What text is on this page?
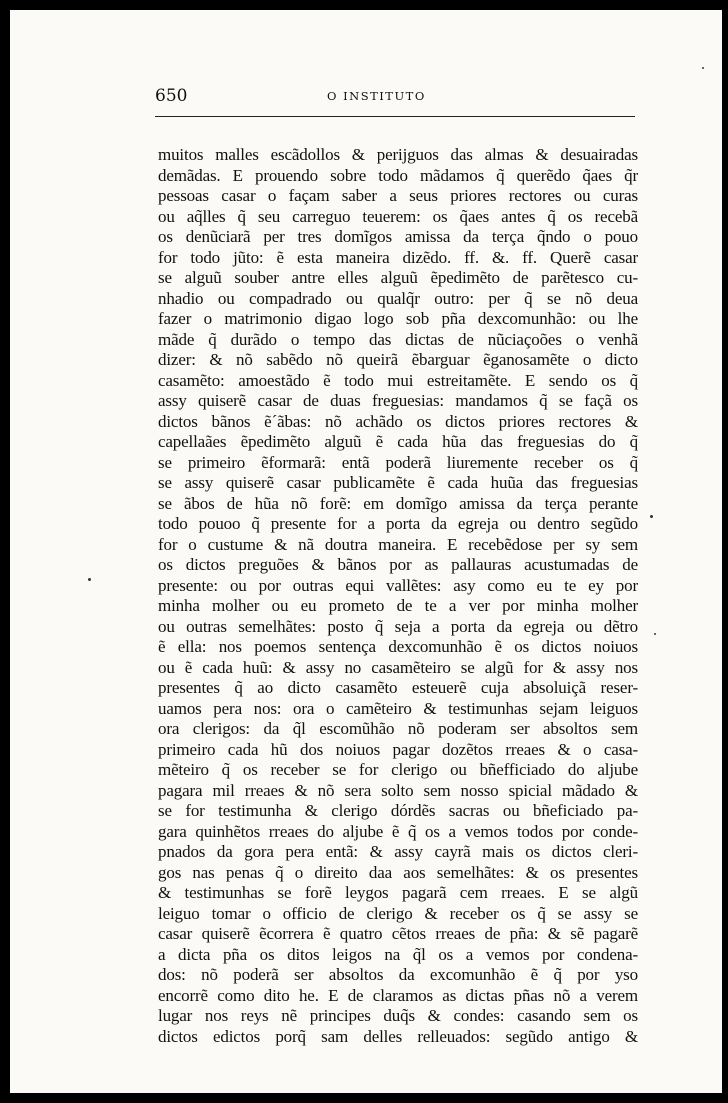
650	O INSTITUTO
muitos malles escãdollos & perijguos das almas & desuairadas
demãdas. E prouendo sobre todo mãdamos q̃ querẽdo q̃aes q̃r
pessoas casar o façam saber a seus priores rectores ou curas
ou aq̃lles q̃ seu carreguo teuerem: os q̃aes antes q̃ os recebã
os denũciarã per tres domĩgos amissa da terça q̃ndo o pouo
for todo jũto: ẽ esta maneira dizẽdo. ff. &. ff. Querẽ casar
se alguũ souber antre elles alguũ ẽpedimẽto de parẽtesco cu-
nhadio ou compadrado ou qualq̃r outro: per q̃ se nõ deua
fazer o matrimonio digao logo sob pña dexcomunhão: ou lhe
mãde q̃ durãdo o tempo das dictas de nũciaçoões o venhã
dizer: & nõ sabẽdo nõ queirã ẽbarguar ẽganosamẽte o dicto
casamẽto: amoestãdo ẽ todo mui estreitamẽte. E sendo os q̃
assy quiserẽ casar de duas freguesias: mandamos q̃ se façã os
dictos bãnos ẽ´ãbas: nõ achãdo os dictos priores rectores &
capellaães ẽpedimẽto alguũ ẽ cada hũa das freguesias do q̃
se primeiro ẽformarã: entã poderã liuremente receber os q̃
se assy quiserẽ casar publicamẽte ẽ cada huũa das freguesias
se ãbos de hũa nõ forẽ: em domĩgo amissa da terça perante
todo pouoo q̃ presente for a porta da egreja ou dentro segũdo
for o custume & nã doutra maneira. E recebẽdose per sy sem
os dictos preguões & bãnos por as pallauras acustumadas de
presente: ou por outras equi vallẽtes: asy como eu te ey por
minha molher ou eu prometo de te a ver por minha molher
ou outras semelhãtes: posto q̃ seja a porta da egreja ou dẽtro
ẽ ella: nos poemos sentença dexcomunhão ẽ os dictos noiuos
ou ẽ cada huũ: & assy no casamẽteiro se algũ for & assy nos
presentes q̃ ao dicto casamẽto esteuerẽ cuja absoluiçã reser-
uamos pera nos: ora o camẽteiro & testimunhas sejam leiguos
ora clerigos: da q̃l escomũhão nõ poderam ser absoltos sem
primeiro cada hũ dos noiuos pagar dozẽtos rreaes & o casa-
mẽteiro q̃ os receber se for clerigo ou bñefficiado do aljube
pagara mil rreaes & nõ sera solto sem nosso spicial mãdado &
se for testimunha & clerigo dórdẽs sacras ou bñeficiado pa-
gara quinhẽtos rreaes do aljube ẽ q̃ os a vemos todos por conde-
pnados da gora pera entã: & assy cayrã mais os dictos cleri-
gos nas penas q̃ o direito daa aos semelhãtes: & os presentes
& testimunhas se forẽ leygos pagarã cem rreaes. E se algũ
leiguo tomar o officio de clerigo & receber os q̃ se assy se
casar quiserẽ ẽcorrera ẽ quatro cẽtos rreaes de pña: & sẽ pagarẽ
a dicta pña os ditos leigos na q̃l os a vemos por condena-
dos: nõ poderã ser absoltos da excomunhão ẽ q̃ por yso
encorrẽ como dito he. E de claramos as dictas pñas nõ a verem
lugar nos reys nẽ principes duq̃s & condes: casando sem os
dictos edictos porq̃ sam delles relleuados: segũdo antigo &
